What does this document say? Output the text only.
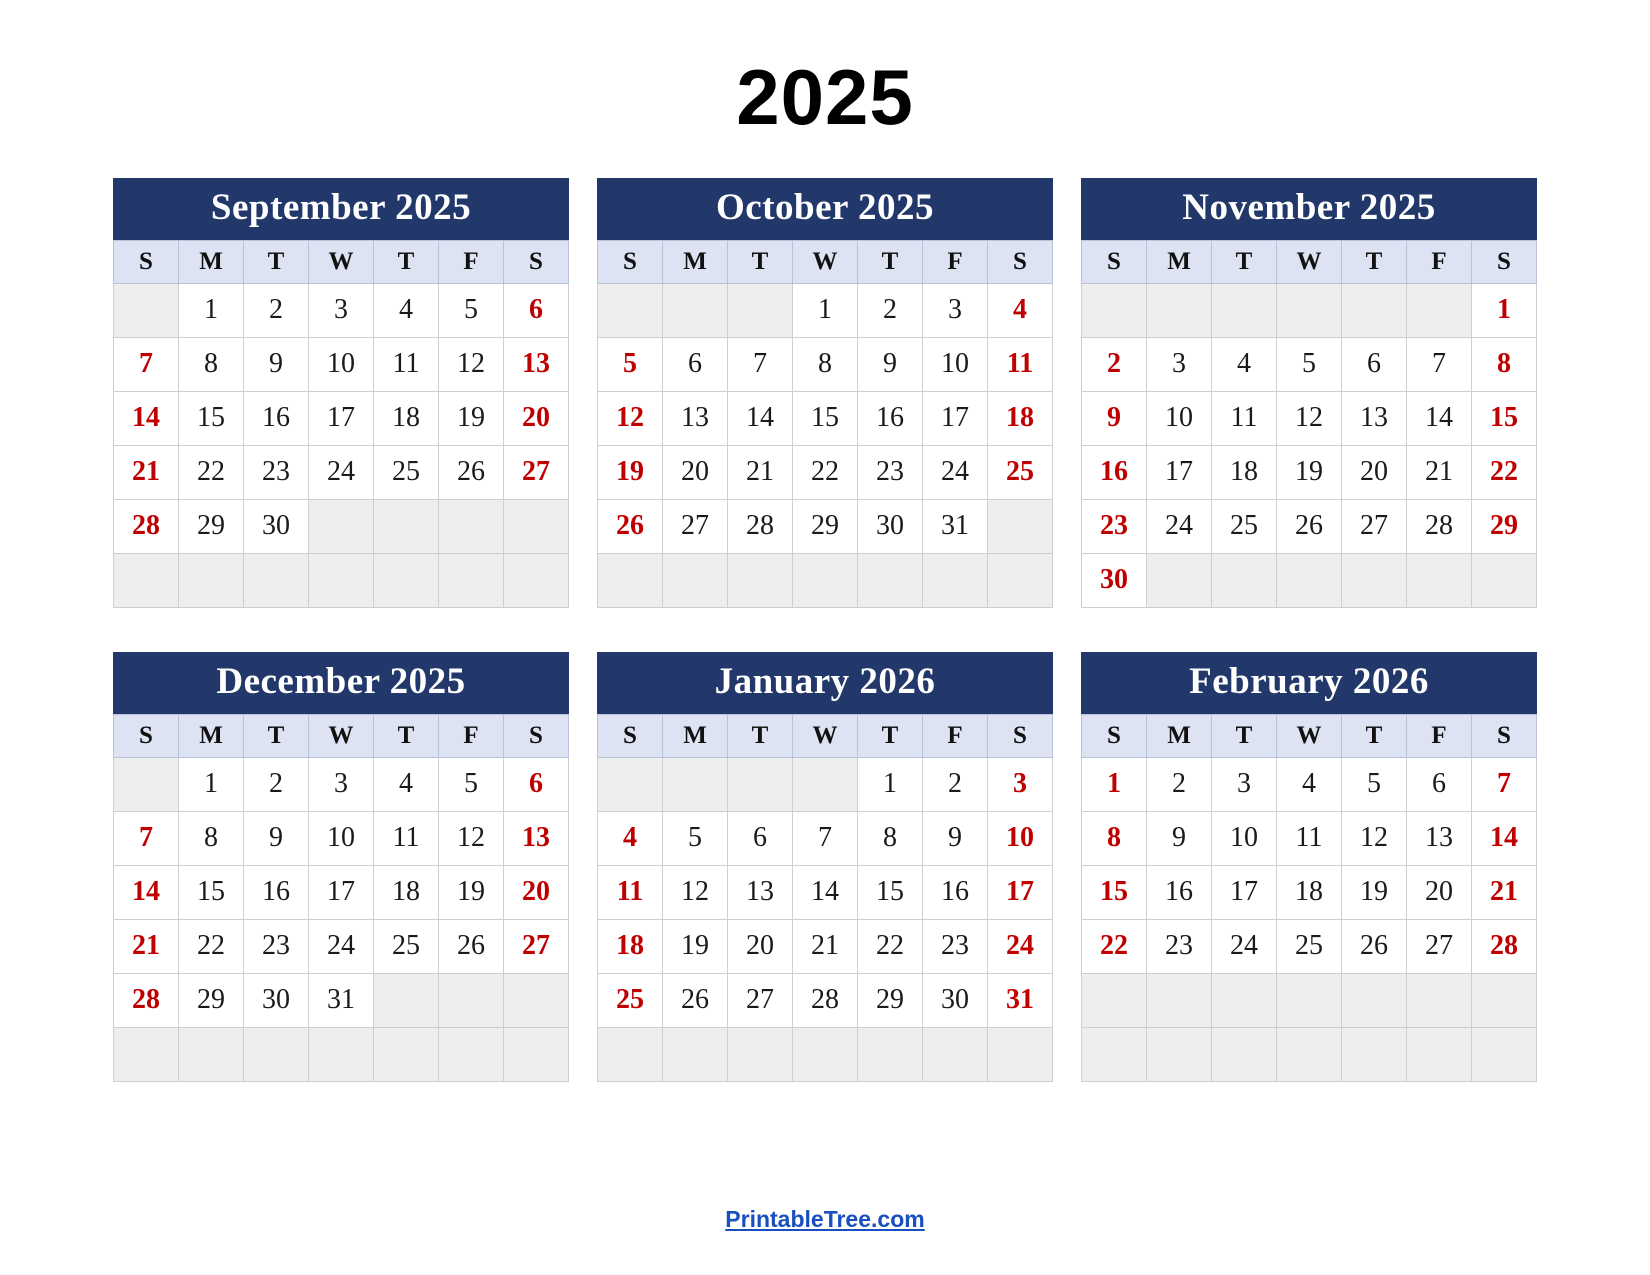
2025
September 2025
S	M	T	W	T	F	S
	1	2	3	4	5	6
7	8	9	10	11	12	13
14	15	16	17	18	19	20
21	22	23	24	25	26	27
28	29	30				

October 2025
S	M	T	W	T	F	S
			1	2	3	4
5	6	7	8	9	10	11
12	13	14	15	16	17	18
19	20	21	22	23	24	25
26	27	28	29	30	31	

November 2025
S	M	T	W	T	F	S
						1
2	3	4	5	6	7	8
9	10	11	12	13	14	15
16	17	18	19	20	21	22
23	24	25	26	27	28	29
30						
December 2025
S	M	T	W	T	F	S
	1	2	3	4	5	6
7	8	9	10	11	12	13
14	15	16	17	18	19	20
21	22	23	24	25	26	27
28	29	30	31			

January 2026
S	M	T	W	T	F	S
				1	2	3
4	5	6	7	8	9	10
11	12	13	14	15	16	17
18	19	20	21	22	23	24
25	26	27	28	29	30	31

February 2026
S	M	T	W	T	F	S
1	2	3	4	5	6	7
8	9	10	11	12	13	14
15	16	17	18	19	20	21
22	23	24	25	26	27	28

PrintableTree.com
